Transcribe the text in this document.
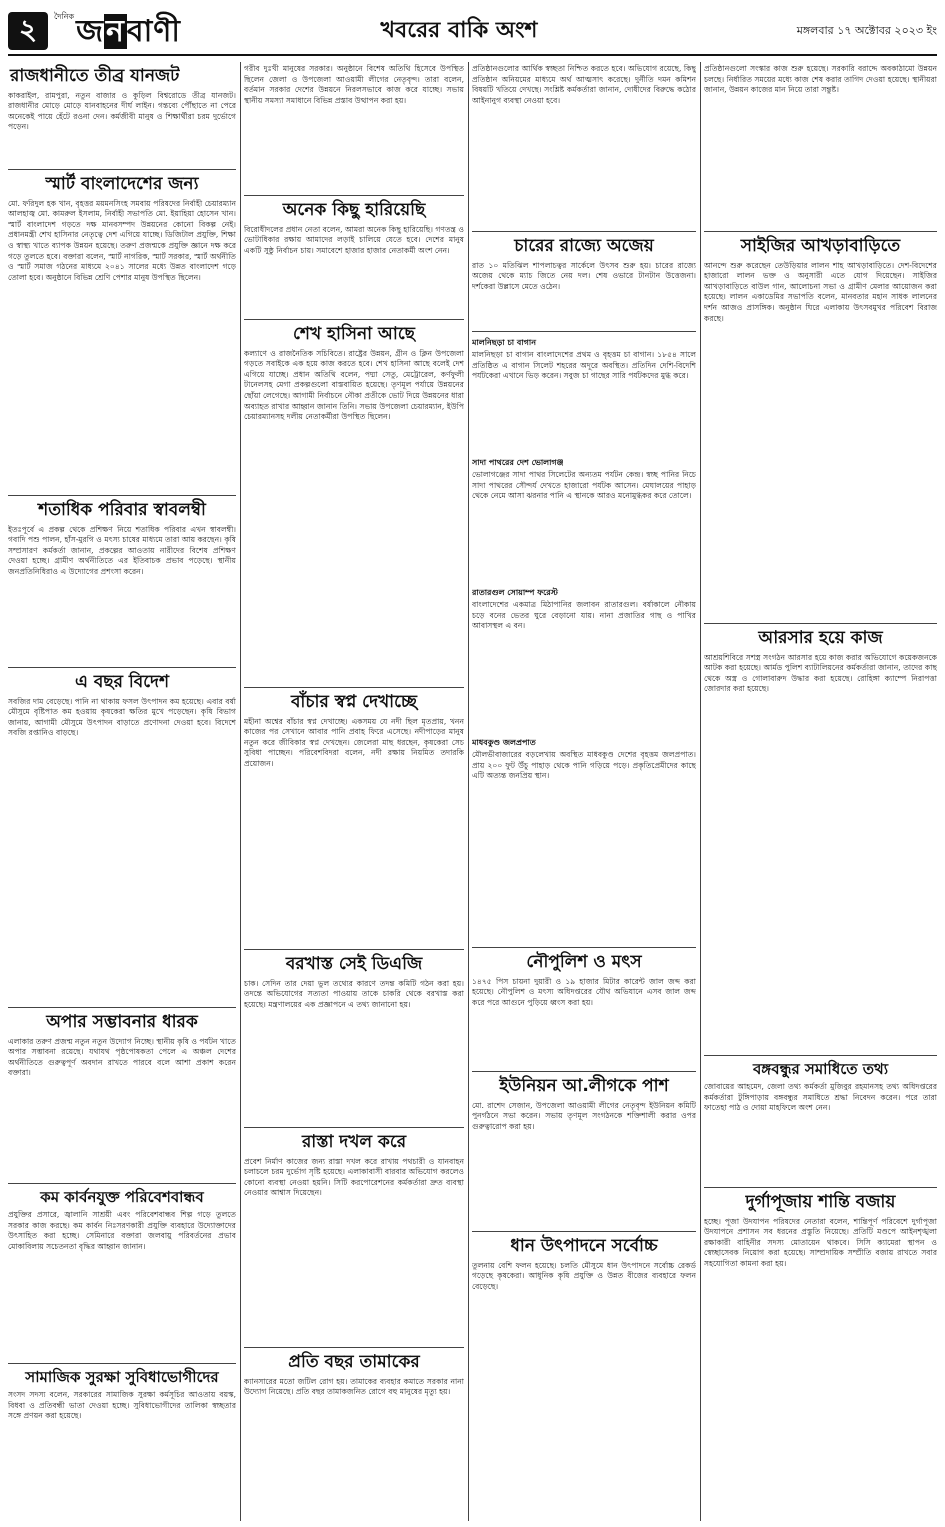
২	দৈনিক জনবাণী	খবরের বাকি অংশ	মঙ্গলবার ১৭ অক্টোবর ২০২৩ ইং
রাজধানীতে তীব্র যানজট
কাকরাইল, রামপুরা, নতুন বাজার ও কুড়িল বিশ্বরোডে তীব্র যানজট। রাজধানীর মোড়ে মোড়ে যানবাহনের দীর্ঘ লাইন। গন্তব্যে পৌঁছাতে না পেরে অনেকেই পায়ে হেঁটে রওনা দেন। কর্মজীবী মানুষ ও শিক্ষার্থীরা চরম দুর্ভোগে পড়েন।
স্মার্ট বাংলাদেশের জন্য
মো. ফরিদুল হক খান, বৃহত্তর ময়মনসিংহ সমবায় পরিষদের নির্বাহী চেয়ারম্যান আলহাজ্ব মো. কামরুল ইসলাম, নির্বাহী সভাপতি মো. ইয়াহিয়া হোসেন খান। স্মার্ট বাংলাদেশ গড়তে দক্ষ মানবসম্পদ উন্নয়নের কোনো বিকল্প নেই। প্রধানমন্ত্রী শেখ হাসিনার নেতৃত্বে দেশ এগিয়ে যাচ্ছে। ডিজিটাল প্রযুক্তি, শিক্ষা ও স্বাস্থ্য খাতে ব্যাপক উন্নয়ন হয়েছে। তরুণ প্রজন্মকে প্রযুক্তি জ্ঞানে দক্ষ করে গড়ে তুলতে হবে। বক্তারা বলেন, স্মার্ট নাগরিক, স্মার্ট সরকার, স্মার্ট অর্থনীতি ও স্মার্ট সমাজ গঠনের মাধ্যমে ২০৪১ সালের মধ্যে উন্নত বাংলাদেশ গড়ে তোলা হবে। অনুষ্ঠানে বিভিন্ন শ্রেণি পেশার মানুষ উপস্থিত ছিলেন।
শতাধিক পরিবার স্বাবলম্বী
ইতঃপূর্বে এ প্রকল্প থেকে প্রশিক্ষণ নিয়ে শতাধিক পরিবার এখন স্বাবলম্বী। গবাদি পশু পালন, হাঁস-মুরগি ও মৎস্য চাষের মাধ্যমে তারা আয় করছেন। কৃষি সম্প্রসারণ কর্মকর্তা জানান, প্রকল্পের আওতায় নারীদের বিশেষ প্রশিক্ষণ দেওয়া হচ্ছে। গ্রামীণ অর্থনীতিতে এর ইতিবাচক প্রভাব পড়েছে। স্থানীয় জনপ্রতিনিধিরাও এ উদ্যোগের প্রশংসা করেন।
এ বছর বিদেশ
সবজির দাম বেড়েছে। পানি না থাকায় ফসল উৎপাদন কম হয়েছে। এবার বর্ষা মৌসুমে বৃষ্টিপাত কম হওয়ায় কৃষকেরা ক্ষতির মুখে পড়েছেন। কৃষি বিভাগ জানায়, আগামী মৌসুমে উৎপাদন বাড়াতে প্রণোদনা দেওয়া হবে। বিদেশে সবজি রপ্তানিও বাড়ছে।
অপার সম্ভাবনার ধারক
এলাকার তরুণ প্রজন্ম নতুন নতুন উদ্যোগ নিচ্ছে। স্থানীয় কৃষি ও পর্যটন খাতে অপার সম্ভাবনা রয়েছে। যথাযথ পৃষ্ঠপোষকতা পেলে এ অঞ্চল দেশের অর্থনীতিতে গুরুত্বপূর্ণ অবদান রাখতে পারবে বলে আশা প্রকাশ করেন বক্তারা।
কম কার্বনযুক্ত পরিবেশবান্ধব
প্রযুক্তির প্রসারে, জ্বালানি সাশ্রয়ী এবং পরিবেশবান্ধব শিল্প গড়ে তুলতে সরকার কাজ করছে। কম কার্বন নিঃসরণকারী প্রযুক্তি ব্যবহারে উদ্যোক্তাদের উৎসাহিত করা হচ্ছে। সেমিনারে বক্তারা জলবায়ু পরিবর্তনের প্রভাব মোকাবিলায় সচেতনতা বৃদ্ধির আহ্বান জানান।
সামাজিক সুরক্ষা সুবিধাভোগীদের
সংসদ সদস্য বলেন, সরকারের সামাজিক সুরক্ষা কর্মসূচির আওতায় বয়স্ক, বিধবা ও প্রতিবন্ধী ভাতা দেওয়া হচ্ছে। সুবিধাভোগীদের তালিকা স্বচ্ছতার সঙ্গে প্রণয়ন করা হয়েছে।
গরীব দুঃখী মানুষের সরকার। অনুষ্ঠানে বিশেষ অতিথি হিসেবে উপস্থিত ছিলেন জেলা ও উপজেলা আওয়ামী লীগের নেতৃবৃন্দ। তারা বলেন, বর্তমান সরকার দেশের উন্নয়নে নিরলসভাবে কাজ করে যাচ্ছে। সভায় স্থানীয় সমস্যা সমাধানে বিভিন্ন প্রস্তাব উত্থাপন করা হয়।
অনেক কিছু হারিয়েছি
বিরোধীদলের প্রধান নেতা বলেন, আমরা অনেক কিছু হারিয়েছি। গণতন্ত্র ও ভোটাধিকার রক্ষায় আমাদের লড়াই চালিয়ে যেতে হবে। দেশের মানুষ একটি সুষ্ঠু নির্বাচন চায়। সমাবেশে হাজার হাজার নেতাকর্মী অংশ নেন।
শেখ হাসিনা আছে
কল্যাণে ও রাজনৈতিক সচিবিতে। রাষ্ট্রের উন্নয়ন, গ্রীন ও ক্লিন উপজেলা গড়তে সবাইকে এক হয়ে কাজ করতে হবে। শেখ হাসিনা আছে বলেই দেশ এগিয়ে যাচ্ছে। প্রধান অতিথি বলেন, পদ্মা সেতু, মেট্রোরেল, কর্ণফুলী টানেলসহ মেগা প্রকল্পগুলো বাস্তবায়িত হয়েছে। তৃণমূল পর্যায়ে উন্নয়নের ছোঁয়া লেগেছে। আগামী নির্বাচনে নৌকা প্রতীকে ভোট দিয়ে উন্নয়নের ধারা অব্যাহত রাখার আহ্বান জানান তিনি। সভায় উপজেলা চেয়ারম্যান, ইউপি চেয়ারম্যানসহ দলীয় নেতাকর্মীরা উপস্থিত ছিলেন।
বাঁচার স্বপ্ন দেখাচ্ছে
মহীনা অশ্বের বাঁচার স্বপ্ন দেখাচ্ছে। একসময় যে নদী ছিল মৃতপ্রায়, খনন কাজের পর সেখানে আবার পানি প্রবাহ ফিরে এসেছে। নদীপাড়ের মানুষ নতুন করে জীবিকার স্বপ্ন দেখছেন। জেলেরা মাছ ধরছেন, কৃষকেরা সেচ সুবিধা পাচ্ছেন। পরিবেশবিদরা বলেন, নদী রক্ষায় নিয়মিত তদারকি প্রয়োজন।
বরখাস্ত সেই ডিএজি
চাক। সেদিন তার দেয়া ভুল তথ্যের কারণে তদন্ত কমিটি গঠন করা হয়। তদন্তে অভিযোগের সত্যতা পাওয়ায় তাকে চাকরি থেকে বরখাস্ত করা হয়েছে। মন্ত্রণালয়ের এক প্রজ্ঞাপনে এ তথ্য জানানো হয়।
রাস্তা দখল করে
প্রবেশ নির্মাণ কাজের জন্য রাস্তা দখল করে রাখায় পথচারী ও যানবাহন চলাচলে চরম দুর্ভোগ সৃষ্টি হয়েছে। এলাকাবাসী বারবার অভিযোগ করলেও কোনো ব্যবস্থা নেওয়া হয়নি। সিটি করপোরেশনের কর্মকর্তারা দ্রুত ব্যবস্থা নেওয়ার আশ্বাস দিয়েছেন।
প্রতি বছর তামাকের
ক্যানসারের মতো জটিল রোগ হয়। তামাকের ব্যবহার কমাতে সরকার নানা উদ্যোগ নিয়েছে। প্রতি বছর তামাকজনিত রোগে বহু মানুষের মৃত্যু হয়।
প্রতিষ্ঠানগুলোর আর্থিক স্বচ্ছতা নিশ্চিত করতে হবে। অভিযোগ রয়েছে, কিছু প্রতিষ্ঠান অনিয়মের মাধ্যমে অর্থ আত্মসাৎ করেছে। দুর্নীতি দমন কমিশন বিষয়টি খতিয়ে দেখছে। সংশ্লিষ্ট কর্মকর্তারা জানান, দোষীদের বিরুদ্ধে কঠোর আইনানুগ ব্যবস্থা নেওয়া হবে।
চারের রাজ্যে অজেয়
রাত ১০ মতিঝিল শাপলাচত্বর সার্কেলে উৎসব শুরু হয়। চারের রাজ্যে অজেয় থেকে ম্যাচ জিতে নেয় দল। শেষ ওভারে টানটান উত্তেজনা। দর্শকেরা উল্লাসে মেতে ওঠেন।
মালনিছড়া চা বাগান
মালনিছড়া চা বাগান বাংলাদেশের প্রথম ও বৃহত্তম চা বাগান। ১৮৫৪ সালে প্রতিষ্ঠিত এ বাগান সিলেট শহরের অদূরে অবস্থিত। প্রতিদিন দেশি-বিদেশি পর্যটকেরা এখানে ভিড় করেন। সবুজ চা গাছের সারি পর্যটকদের মুগ্ধ করে।
সাদা পাথরের দেশ ভোলাগঞ্জ
ভোলাগঞ্জের সাদা পাথর সিলেটের অন্যতম পর্যটন কেন্দ্র। স্বচ্ছ পানির নিচে সাদা পাথরের সৌন্দর্য দেখতে হাজারো পর্যটক আসেন। মেঘালয়ের পাহাড় থেকে নেমে আসা ঝরনার পানি এ স্থানকে আরও মনোমুগ্ধকর করে তোলে।
রাতারগুল সোয়াম্প ফরেস্ট
বাংলাদেশের একমাত্র মিঠাপানির জলাবন রাতারগুল। বর্ষাকালে নৌকায় চড়ে বনের ভেতর ঘুরে বেড়ানো যায়। নানা প্রজাতির গাছ ও পাখির আবাসস্থল এ বন।
মাধবকুণ্ড জলপ্রপাত
মৌলভীবাজারের বড়লেখায় অবস্থিত মাধবকুণ্ড দেশের বৃহত্তম জলপ্রপাত। প্রায় ২০০ ফুট উঁচু পাহাড় থেকে পানি গড়িয়ে পড়ে। প্রকৃতিপ্রেমীদের কাছে এটি অত্যন্ত জনপ্রিয় স্থান।
নৌপুলিশ ও মৎস
১৪৭৫ পিস চায়না দুয়ারী ও ১৯ হাজার মিটার কারেন্ট জাল জব্দ করা হয়েছে। নৌপুলিশ ও মৎস্য অধিদপ্তরের যৌথ অভিযানে এসব জাল জব্দ করে পরে আগুনে পুড়িয়ে ধ্বংস করা হয়।
ইউনিয়ন আ.লীগকে পাশ
মো. রাশেদ সেজান, উপজেলা আওয়ামী লীগের নেতৃবৃন্দ ইউনিয়ন কমিটি পুনর্গঠনে সভা করেন। সভায় তৃণমূল সংগঠনকে শক্তিশালী করার ওপর গুরুত্বারোপ করা হয়।
ধান উৎপাদনে সর্বোচ্চ
তুলনায় বেশি ফলন হয়েছে। চলতি মৌসুমে ধান উৎপাদনে সর্বোচ্চ রেকর্ড গড়েছে কৃষকেরা। আধুনিক কৃষি প্রযুক্তি ও উন্নত বীজের ব্যবহারে ফলন বেড়েছে।
প্রতিষ্ঠানগুলো সংস্কার কাজ শুরু হয়েছে। সরকারি বরাদ্দে অবকাঠামো উন্নয়ন চলছে। নির্ধারিত সময়ের মধ্যে কাজ শেষ করার তাগিদ দেওয়া হয়েছে। স্থানীয়রা জানান, উন্নয়ন কাজের মান নিয়ে তারা সন্তুষ্ট।
সাইজির আখড়াবাড়িতে
আনন্দে শুরু করেছেন তেউড়িয়ার লালন শাহ আখড়াবাড়িতে। দেশ-বিদেশের হাজারো লালন ভক্ত ও অনুসারী এতে যোগ দিয়েছেন। সাইজির আখড়াবাড়িতে বাউল গান, আলোচনা সভা ও গ্রামীণ মেলার আয়োজন করা হয়েছে। লালন একাডেমির সভাপতি বলেন, মানবতার মহান সাধক লালনের দর্শন আজও প্রাসঙ্গিক। অনুষ্ঠান ঘিরে এলাকায় উৎসবমুখর পরিবেশ বিরাজ করছে।
আরসার হয়ে কাজ
আশ্রয়শিবিরে সশস্ত্র সংগঠন আরসার হয়ে কাজ করার অভিযোগে কয়েকজনকে আটক করা হয়েছে। আর্মড পুলিশ ব্যাটালিয়নের কর্মকর্তারা জানান, তাদের কাছ থেকে অস্ত্র ও গোলাবারুদ উদ্ধার করা হয়েছে। রোহিঙ্গা ক্যাম্পে নিরাপত্তা জোরদার করা হয়েছে।
বঙ্গবন্ধুর সমাধিতে তথ্য
জোবায়ের আহমেদ, জেলা তথ্য কর্মকর্তা মুজিবুর রহমানসহ তথ্য অধিদপ্তরের কর্মকর্তারা টুঙ্গিপাড়ায় বঙ্গবন্ধুর সমাধিতে শ্রদ্ধা নিবেদন করেন। পরে তারা ফাতেহা পাঠ ও দোয়া মাহফিলে অংশ নেন।
দুর্গাপূজায় শান্তি বজায়
হচ্ছে। পূজা উদযাপন পরিষদের নেতারা বলেন, শান্তিপূর্ণ পরিবেশে দুর্গাপূজা উদযাপনে প্রশাসন সব ধরনের প্রস্তুতি নিয়েছে। প্রতিটি মণ্ডপে আইনশৃঙ্খলা রক্ষাকারী বাহিনীর সদস্য মোতায়েন থাকবে। সিসি ক্যামেরা স্থাপন ও স্বেচ্ছাসেবক নিয়োগ করা হয়েছে। সাম্প্রদায়িক সম্প্রীতি বজায় রাখতে সবার সহযোগিতা কামনা করা হয়।
